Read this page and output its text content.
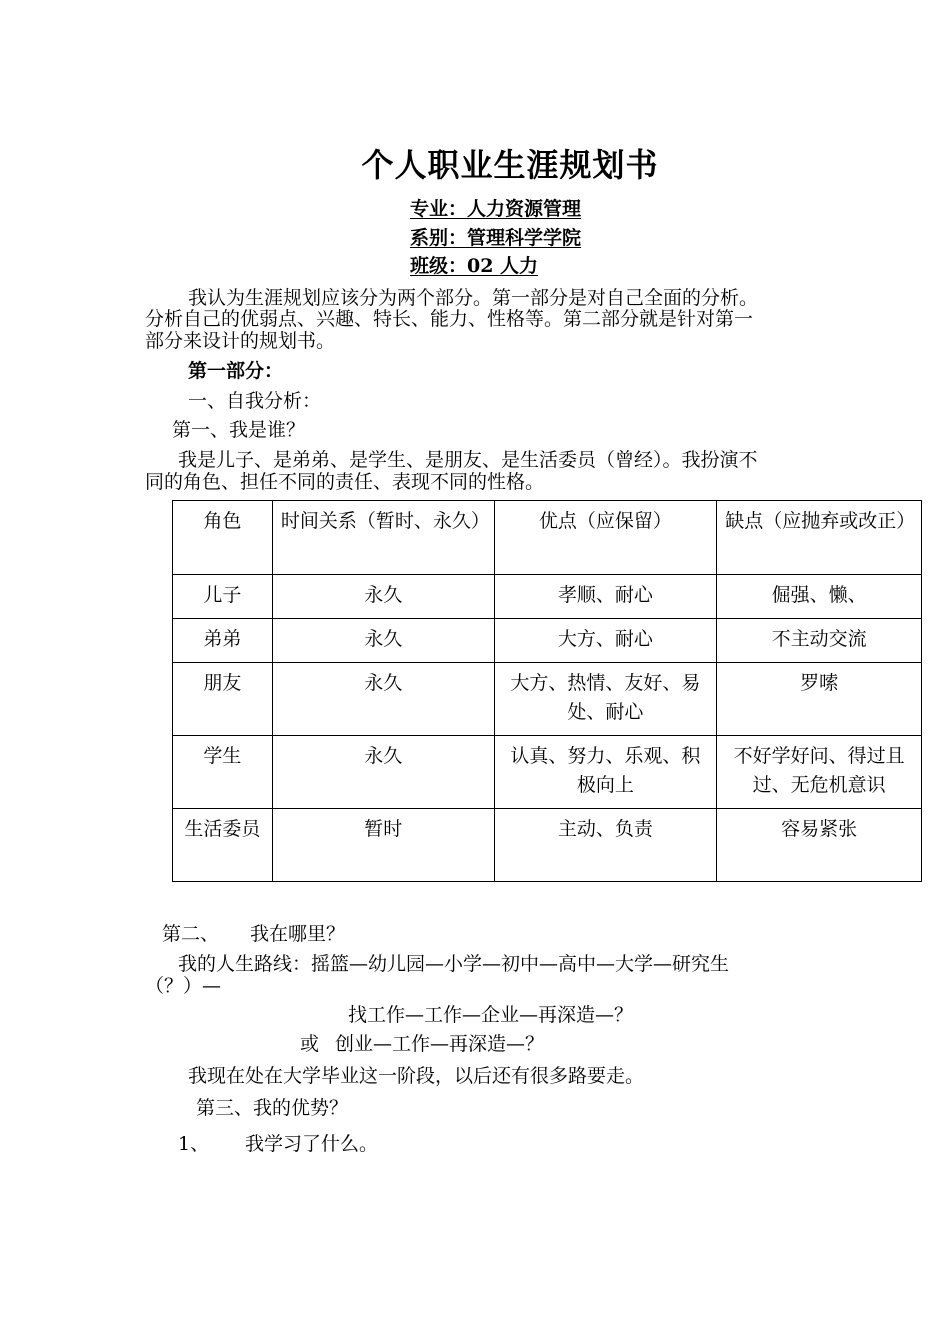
个人职业生涯规划书
专业：人力资源管理
系别：管理科学学院
班级：02 人力
我认为生涯规划应该分为两个部分。第一部分是对自己全面的分析。
分析自己的优弱点、兴趣、特长、能力、性格等。第二部分就是针对第一
部分来设计的规划书。
第一部分：
一、自我分析：
第一、我是谁？
我是儿子、是弟弟、是学生、是朋友、是生活委员（曾经）。我扮演不
同的角色、担任不同的责任、表现不同的性格。
角色	时间关系（暂时、永久）	优点（应保留）	缺点（应抛弃或改正）
儿子	永久	孝顺、耐心	倔强、懒、
弟弟	永久	大方、耐心	不主动交流
朋友	永久	大方、热情、友好、易处、耐心	罗嗦
学生	永久	认真、努力、乐观、积极向上	不好学好问、得过且过、无危机意识
生活委员	暂时	主动、负责	容易紧张
第二、 我在哪里？
我的人生路线：摇篮—幼儿园—小学—初中—高中—大学—研究生
（？）—
找工作—工作—企业—再深造—？
或 创业—工作—再深造—？
我现在处在大学毕业这一阶段，以后还有很多路要走。
第三、我的优势？
1、 我学习了什么。
